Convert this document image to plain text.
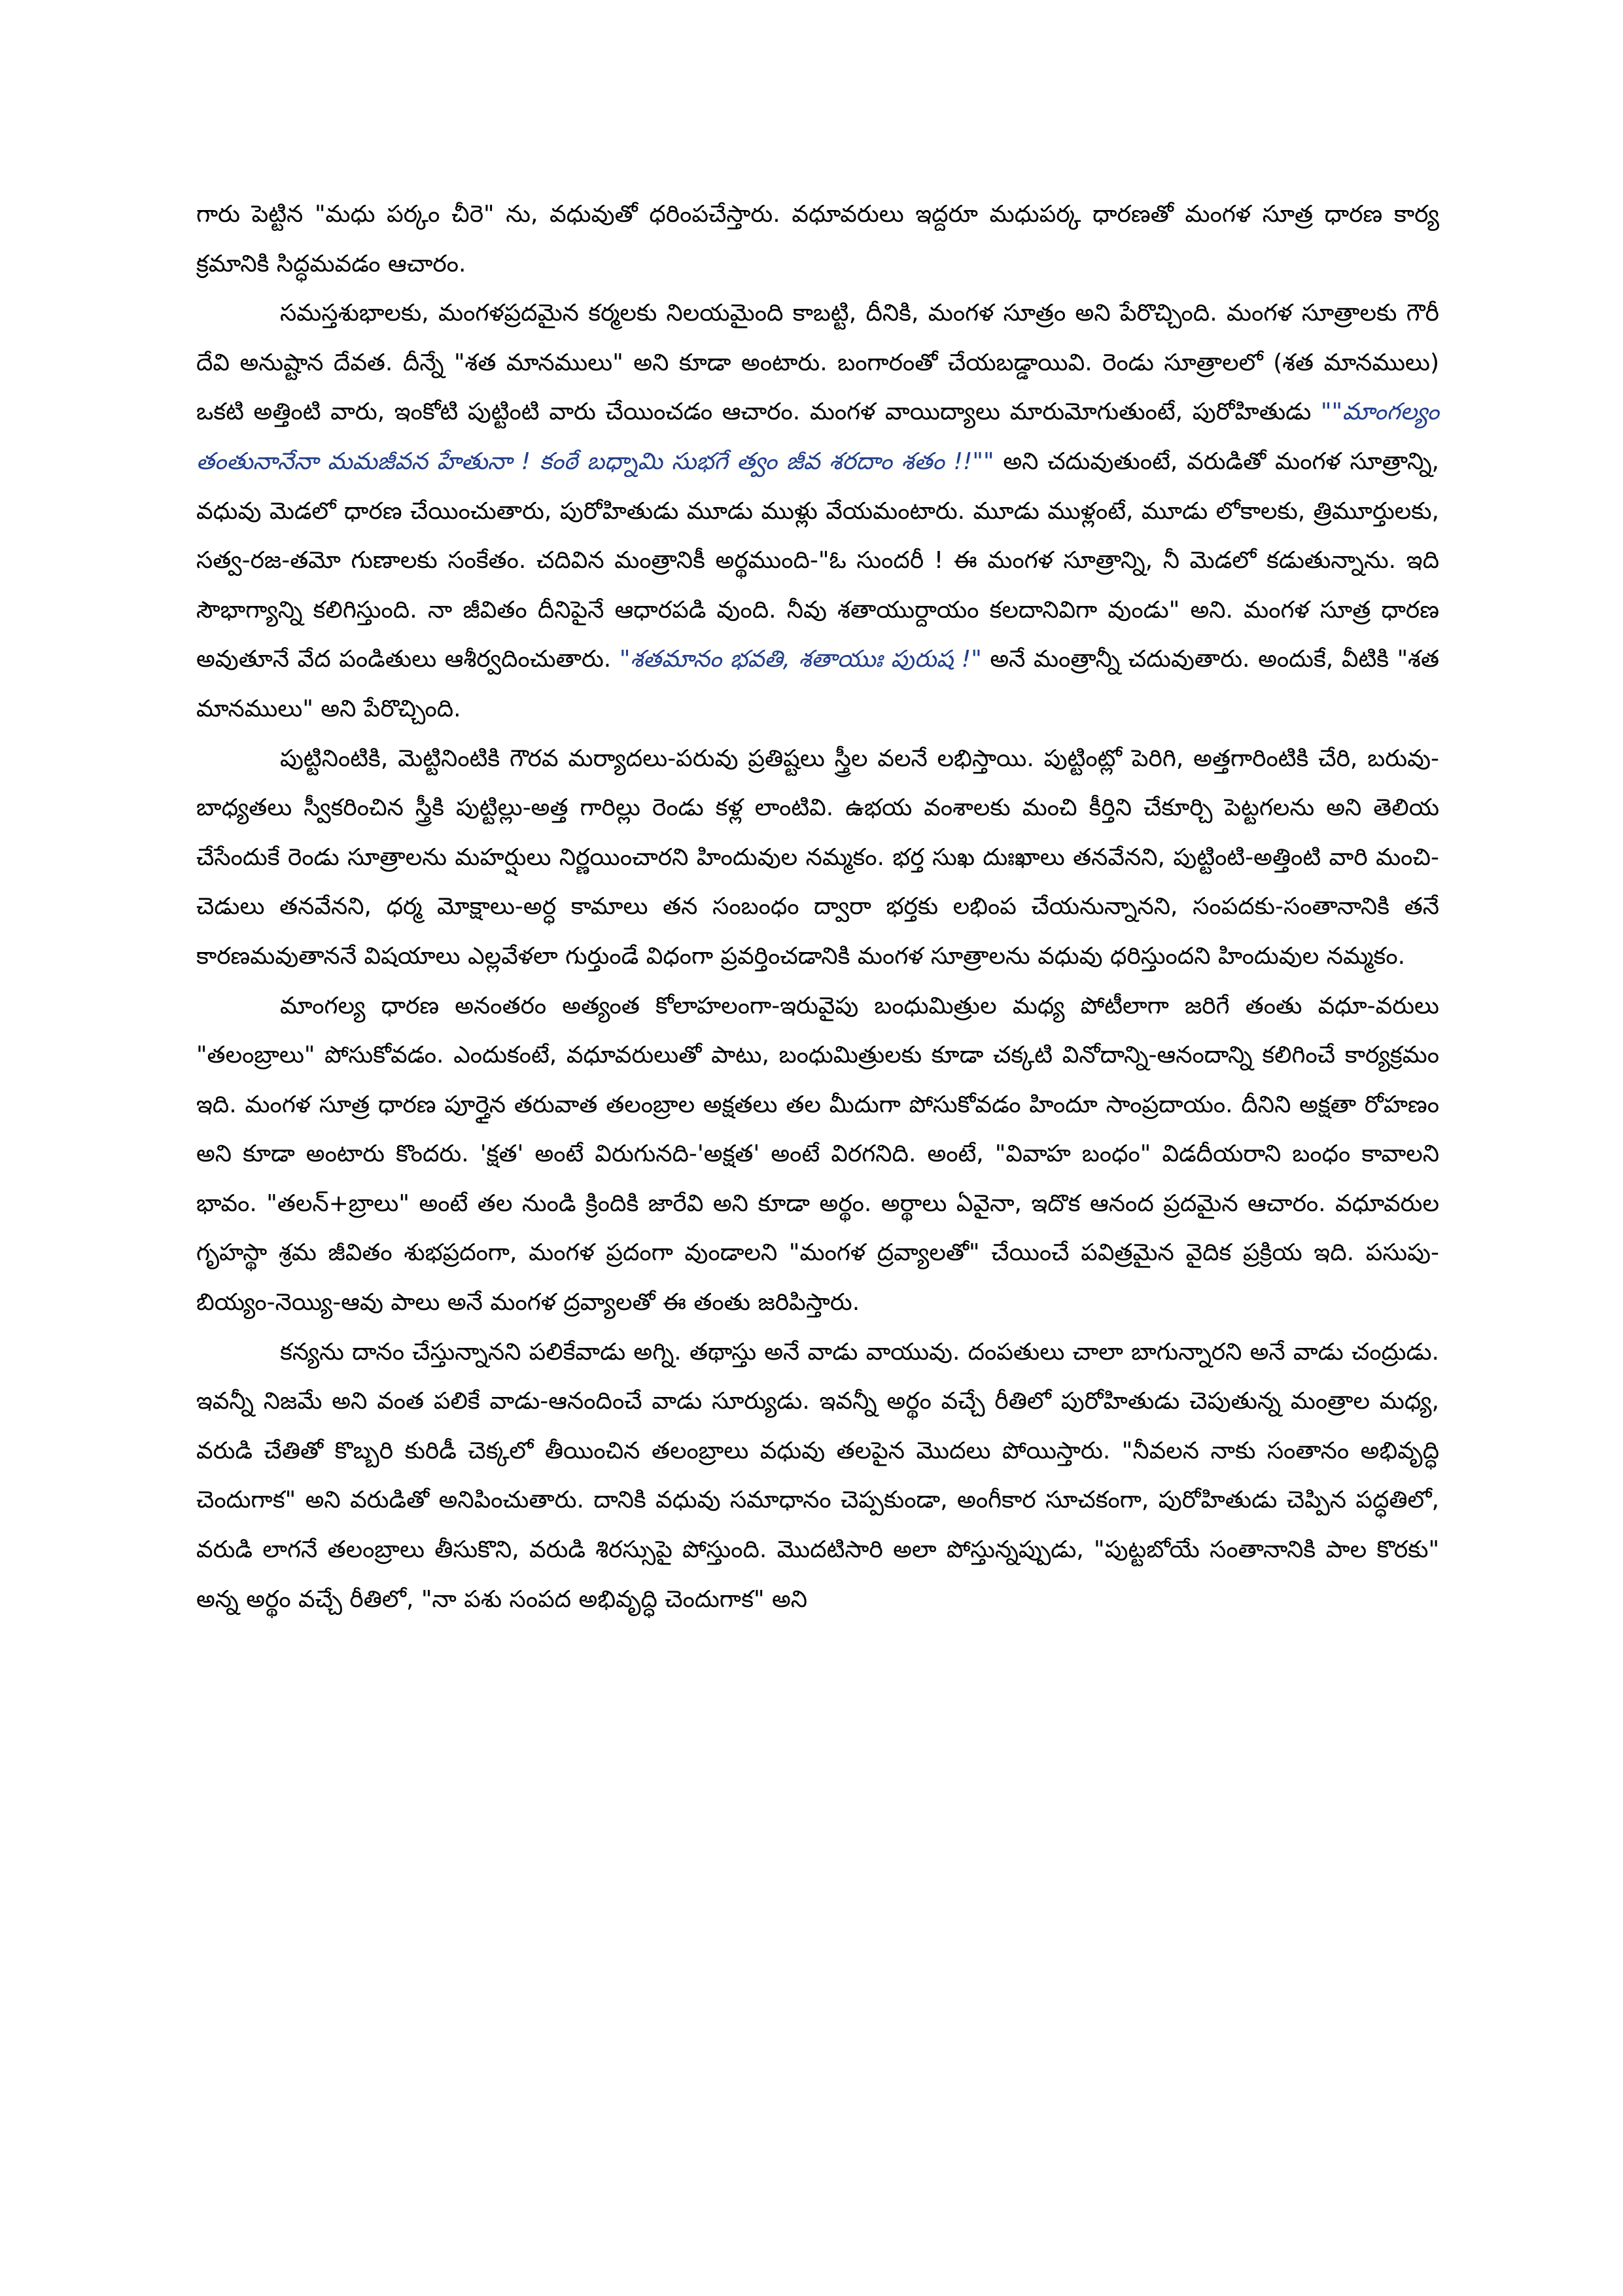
గారు పెట్టిన "మధు పర్కం చీరె" ను, వధువుతో ధరింపచేస్తారు. వధూవరులు ఇద్దరూ మధుపర్క ధారణతో మంగళ సూత్ర ధారణ కార్య క్రమానికి సిద్ధమవడం ఆచారం.

సమస్తశుభాలకు, మంగళప్రదమైన కర్మలకు నిలయమైంది కాబట్టి, దీనికి, మంగళ సూత్రం అని పేరొచ్చింది. మంగళ సూత్రాలకు గౌరీ దేవి అనుష్టాన దేవత. దీన్నే "శత మానములు" అని కూడా అంటారు. బంగారంతో చేయబడ్డాయివి. రెండు సూత్రాలలో (శత మానములు) ఒకటి అత్తింటి వారు, ఇంకోటి పుట్టింటి వారు చేయించడం ఆచారం. మంగళ వాయిద్యాలు మారుమోగుతుంటే, పురోహితుడు ""మాంగల్యం తంతునానేనా మమజీవన హేతునా ! కంఠే బధ్నామి సుభగే త్వం జీవ శరదాం శతం !!"" అని చదువుతుంటే, వరుడితో మంగళ సూత్రాన్ని, వధువు మెడలో ధారణ చేయించుతారు, పురోహితుడు మూడు ముళ్లు వేయమంటారు. మూడు ముళ్లంటే, మూడు లోకాలకు, త్రిమూర్తులకు, సత్వ-రజ-తమో గుణాలకు సంకేతం. చదివిన మంత్రానికీ అర్థముంది-"ఓ సుందరీ ! ఈ మంగళ సూత్రాన్ని, నీ మెడలో కడుతున్నాను. ఇది సౌభాగ్యాన్ని కలిగిస్తుంది. నా జీవితం దీనిపైనే ఆధారపడి వుంది. నీవు శతాయుర్దాయం కలదానివిగా వుండు" అని. మంగళ సూత్ర ధారణ అవుతూనే వేద పండితులు ఆశీర్వదించుతారు. "శతమానం భవతి, శతాయుః పురుష !" అనే మంత్రాన్నీ చదువుతారు. అందుకే, వీటికి "శత మానములు" అని పేరొచ్చింది.

పుట్టినింటికి, మెట్టినింటికి గౌరవ మర్యాదలు-పరువు ప్రతిష్టలు స్త్రీల వలనే లభిస్తాయి. పుట్టింట్లో పెరిగి, అత్తగారింటికి చేరి, బరువు-బాధ్యతలు స్వీకరించిన స్త్రీకి పుట్టిల్లు-అత్త గారిల్లు రెండు కళ్ల లాంటివి. ఉభయ వంశాలకు మంచి కీర్తిని చేకూర్చి పెట్టగలను అని తెలియ చేసేందుకే రెండు సూత్రాలను మహర్షులు నిర్ణయించారని హిందువుల నమ్మకం. భర్త సుఖ దుఃఖాలు తనవేనని, పుట్టింటి-అత్తింటి వారి మంచి-చెడులు తనవేనని, ధర్మ మోక్షాలు-అర్ధ కామాలు తన సంబంధం ద్వారా భర్తకు లభింప చేయనున్నానని, సంపదకు-సంతానానికి తనే కారణమవుతాననే విషయాలు ఎల్లవేళలా గుర్తుండే విధంగా ప్రవర్తించడానికి మంగళ సూత్రాలను వధువు ధరిస్తుందని హిందువుల నమ్మకం.

మాంగల్య ధారణ అనంతరం అత్యంత కోలాహలంగా-ఇరువైపు బంధుమిత్రుల మధ్య పోటీలాగా జరిగే తంతు వధూ-వరులు "తలంబ్రాలు" పోసుకోవడం. ఎందుకంటే, వధూవరులుతో పాటు, బంధుమిత్రులకు కూడా చక్కటి వినోదాన్ని-ఆనందాన్ని కలిగించే కార్యక్రమం ఇది. మంగళ సూత్ర ధారణ పూర్తైన తరువాత తలంబ్రాల అక్షతలు తల మీదుగా పోసుకోవడం హిందూ సాంప్రదాయం. దీనిని అక్షతా రోహణం అని కూడా అంటారు కొందరు. 'క్షత' అంటే విరుగునది-'అక్షత' అంటే విరగనిది. అంటే, "వివాహ బంధం" విడదీయరాని బంధం కావాలని భావం. "తలన్+బ్రాలు" అంటే తల నుండి క్రిందికి జారేవి అని కూడా అర్థం. అర్థాలు ఏవైనా, ఇదొక ఆనంద ప్రదమైన ఆచారం. వధూవరుల గృహస్థా శ్రమ జీవితం శుభప్రదంగా, మంగళ ప్రదంగా వుండాలని "మంగళ ద్రవ్యాలతో" చేయించే పవిత్రమైన వైదిక ప్రక్రియ ఇది. పసుపు-బియ్యం-నెయ్యి-ఆవు పాలు అనే మంగళ ద్రవ్యాలతో ఈ తంతు జరిపిస్తారు.

కన్యను దానం చేస్తున్నానని పలికేవాడు అగ్ని. తథాస్తు అనే వాడు వాయువు. దంపతులు చాలా బాగున్నారని అనే వాడు చంద్రుడు. ఇవన్నీ నిజమే అని వంత పలికే వాడు-ఆనందించే వాడు సూర్యుడు. ఇవన్నీ అర్థం వచ్చే రీతిలో పురోహితుడు చెపుతున్న మంత్రాల మధ్య, వరుడి చేతితో కొబ్బరి కురిడీ చెక్కలో తీయించిన తలంబ్రాలు వధువు తలపైన మొదలు పోయిస్తారు. "నీవలన నాకు సంతానం అభివృద్ధి చెందుగాక" అని వరుడితో అనిపించుతారు. దానికి వధువు సమాధానం చెప్పకుండా, అంగీకార సూచకంగా, పురోహితుడు చెప్పిన పద్ధతిలో, వరుడి లాగనే తలంబ్రాలు తీసుకొని, వరుడి శిరస్సుపై పోస్తుంది. మొదటిసారి అలా పోస్తున్నప్పుడు, "పుట్టబోయే సంతానానికి పాల కొరకు" అన్న అర్థం వచ్చే రీతిలో, "నా పశు సంపద అభివృద్ధి చెందుగాక" అని
